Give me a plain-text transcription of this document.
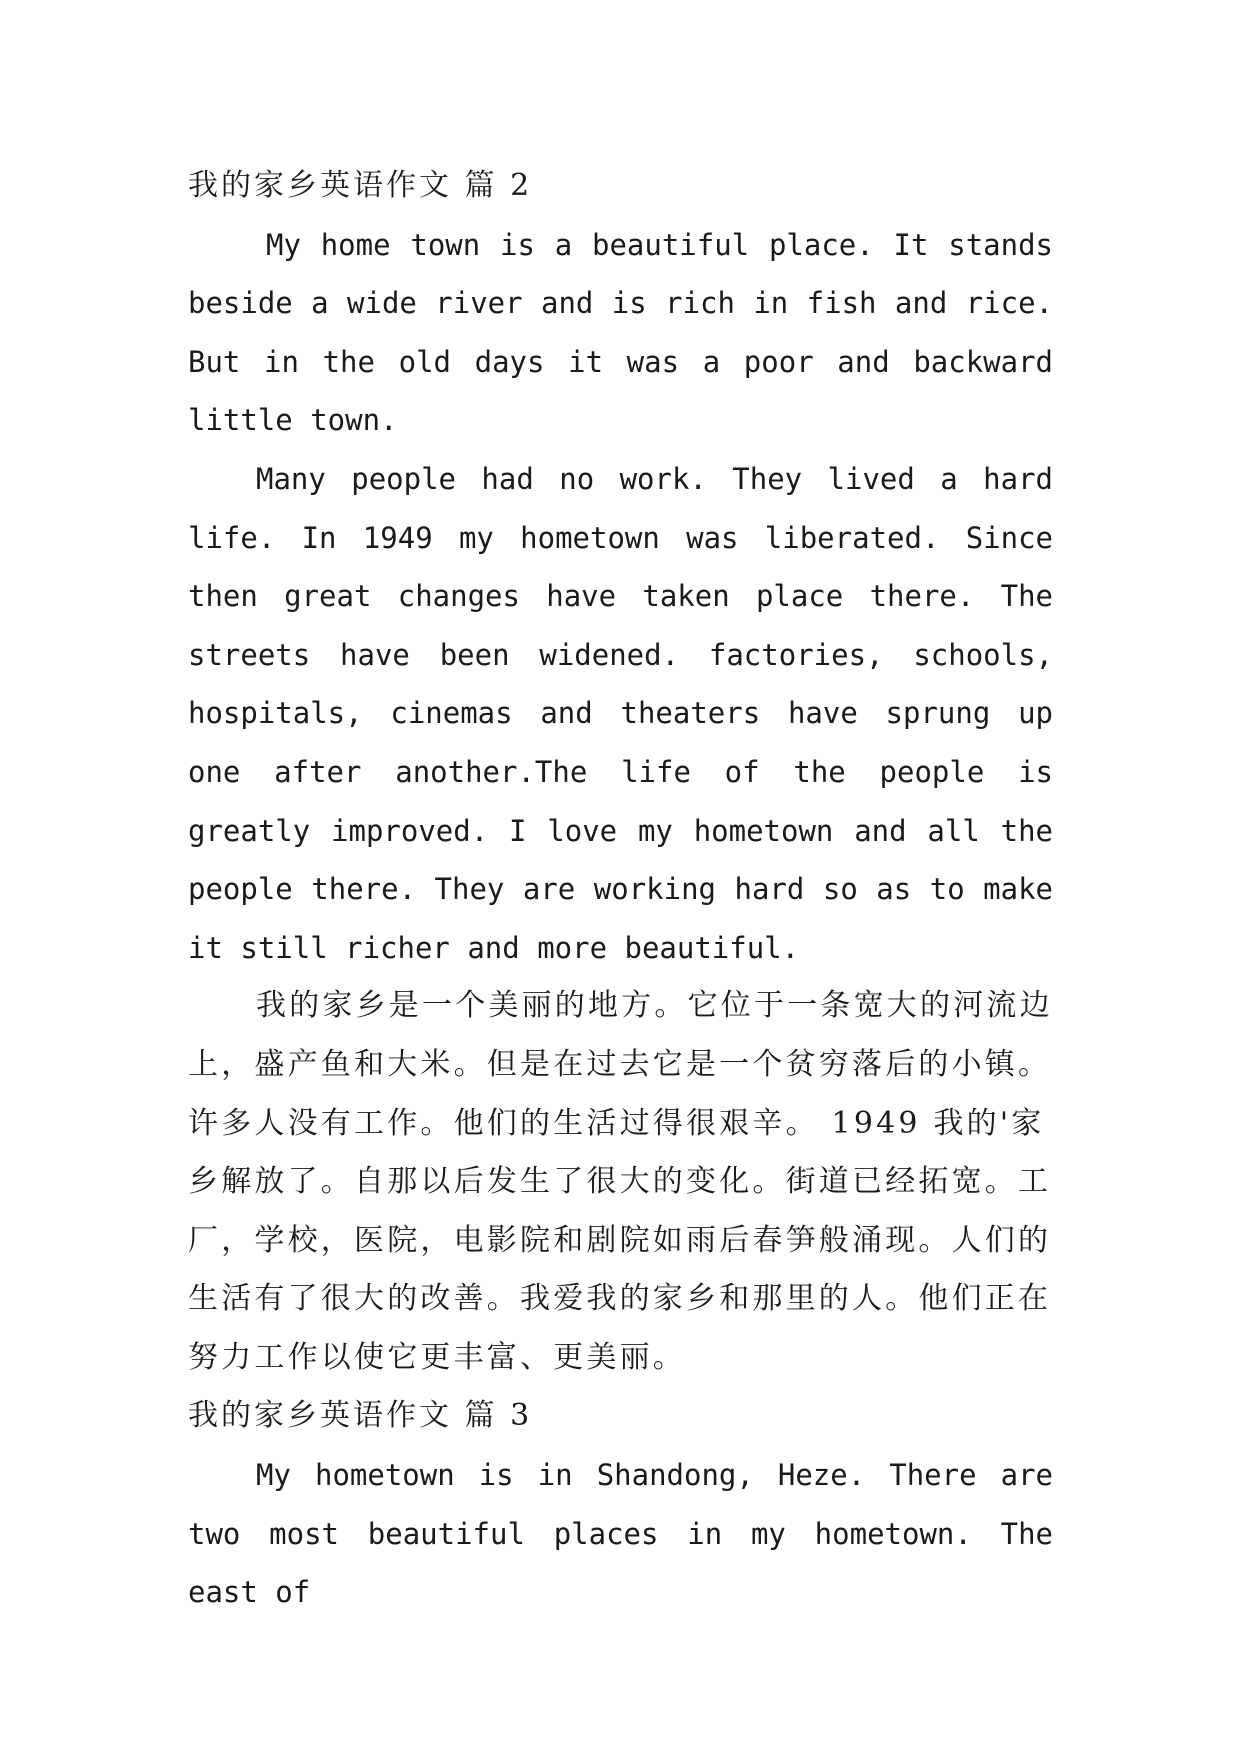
我的家乡英语作文 篇 2

My home town is a beautiful place. It stands beside a wide river and is rich in fish and rice. But in the old days it was a poor and backward little town.

Many people had no work. They lived a hard life. In 1949 my hometown was liberated. Since then great changes have taken place there. The streets have been widened. factories, schools, hospitals, cinemas and theaters have sprung up one after another.The life of the people is greatly improved. I love my hometown and all the people there. They are working hard so as to make it still richer and more beautiful.

我的家乡是一个美丽的地方。它位于一条宽大的河流边上，盛产鱼和大米。但是在过去它是一个贫穷落后的小镇。许多人没有工作。他们的生活过得很艰辛。 1949 我的'家乡解放了。自那以后发生了很大的变化。街道已经拓宽。工厂，学校，医院，电影院和剧院如雨后春笋般涌现。人们的生活有了很大的改善。我爱我的家乡和那里的人。他们正在努力工作以使它更丰富、更美丽。

我的家乡英语作文 篇 3

My hometown is in Shandong, Heze. There are two most beautiful places in my hometown. The east of
